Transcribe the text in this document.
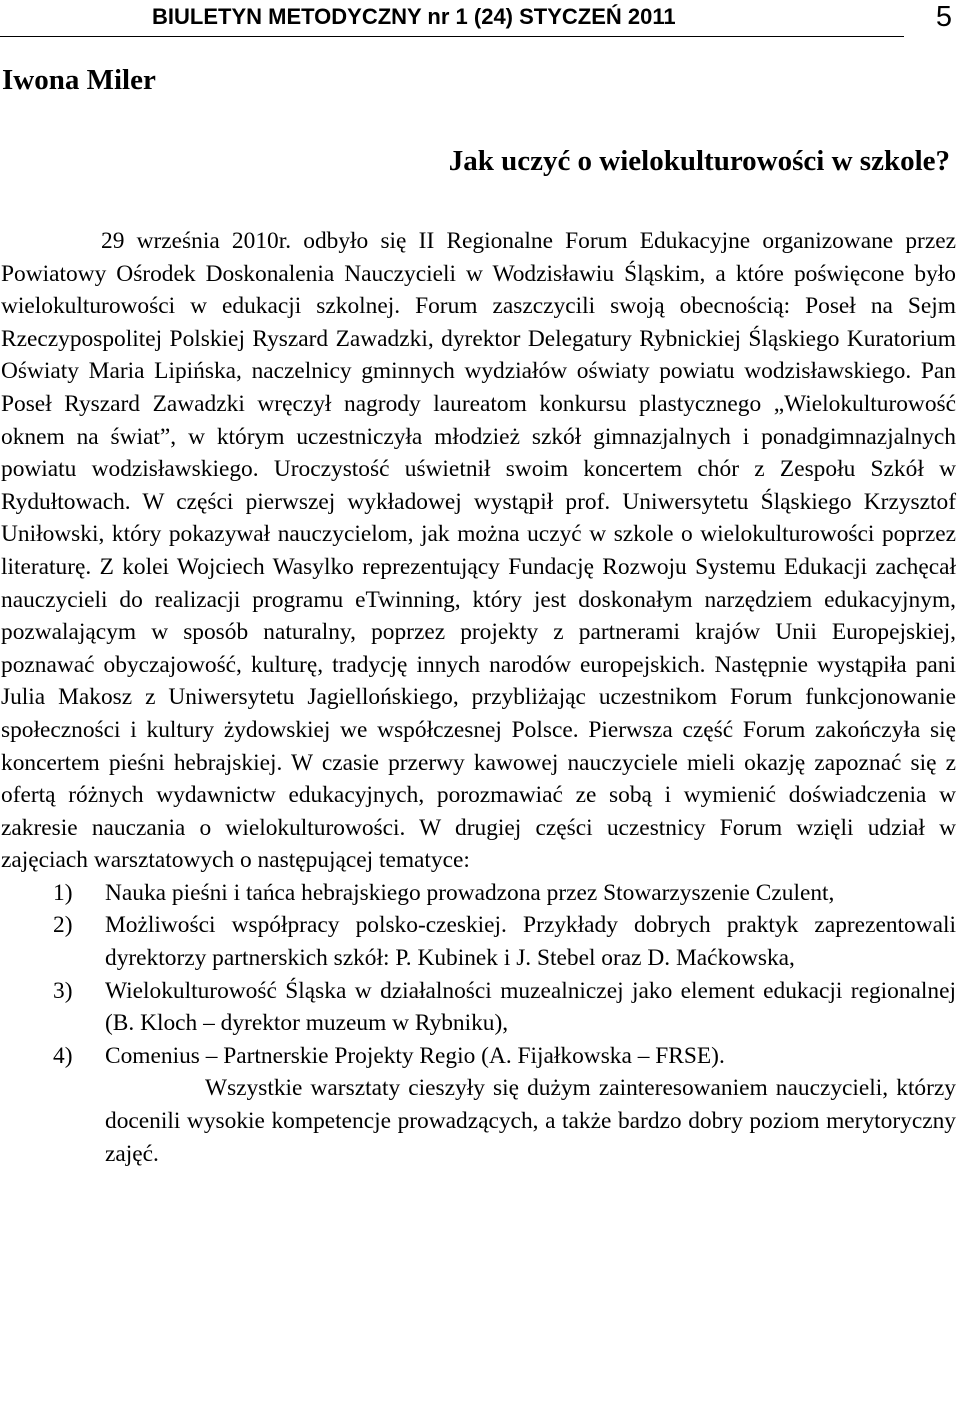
BIULETYN METODYCZNY nr 1 (24) STYCZEŃ 2011	5
Iwona Miler
Jak uczyć o wielokulturowości w szkole?

29 września 2010r. odbyło się II Regionalne Forum Edukacyjne organizowane przez Powiatowy Ośrodek Doskonalenia Nauczycieli w Wodzisławiu Śląskim, a które poświęcone było wielokulturowości w edukacji szkolnej. Forum zaszczycili swoją obecnością: Poseł na Sejm Rzeczypospolitej Polskiej Ryszard Zawadzki, dyrektor Delegatury Rybnickiej Śląskiego Kuratorium Oświaty Maria Lipińska, naczelnicy gminnych wydziałów oświaty powiatu wodzisławskiego. Pan Poseł Ryszard Zawadzki wręczył nagrody laureatom konkursu plastycznego „Wielokulturowość oknem na świat”, w którym uczestniczyła młodzież szkół gimnazjalnych i ponadgimnazjalnych powiatu wodzisławskiego. Uroczystość uświetnił swoim koncertem chór z Zespołu Szkół w Rydułtowach. W części pierwszej wykładowej wystąpił prof. Uniwersytetu Śląskiego Krzysztof Uniłowski, który pokazywał nauczycielom, jak można uczyć w szkole o wielokulturowości poprzez literaturę. Z kolei Wojciech Wasylko reprezentujący Fundację Rozwoju Systemu Edukacji zachęcał nauczycieli do realizacji programu eTwinning, który jest doskonałym narzędziem edukacyjnym, pozwalającym w sposób naturalny, poprzez projekty z partnerami krajów Unii Europejskiej, poznawać obyczajowość, kulturę, tradycję innych narodów europejskich. Następnie wystąpiła pani Julia Makosz z Uniwersytetu Jagiellońskiego, przybliżając uczestnikom Forum funkcjonowanie społeczności i kultury żydowskiej we współczesnej Polsce. Pierwsza część Forum zakończyła się koncertem pieśni hebrajskiej. W czasie przerwy kawowej nauczyciele mieli okazję zapoznać się z ofertą różnych wydawnictw edukacyjnych, porozmawiać ze sobą i wymienić doświadczenia w zakresie nauczania o wielokulturowości. W drugiej części uczestnicy Forum wzięli udział w zajęciach warsztatowych o następującej tematyce:

1)	Nauka pieśni i tańca hebrajskiego prowadzona przez Stowarzyszenie Czulent,
2)	Możliwości współpracy polsko-czeskiej. Przykłady dobrych praktyk zaprezentowali dyrektorzy partnerskich szkół: P. Kubinek i J. Stebel oraz D. Maćkowska,
3)	Wielokulturowość Śląska w działalności muzealniczej jako element edukacji regionalnej (B. Kloch – dyrektor muzeum w Rybniku),
4)	Comenius – Partnerskie Projekty Regio (A. Fijałkowska – FRSE).

Wszystkie warsztaty cieszyły się dużym zainteresowaniem nauczycieli, którzy docenili wysokie kompetencje prowadzących, a także bardzo dobry poziom merytoryczny zajęć.
